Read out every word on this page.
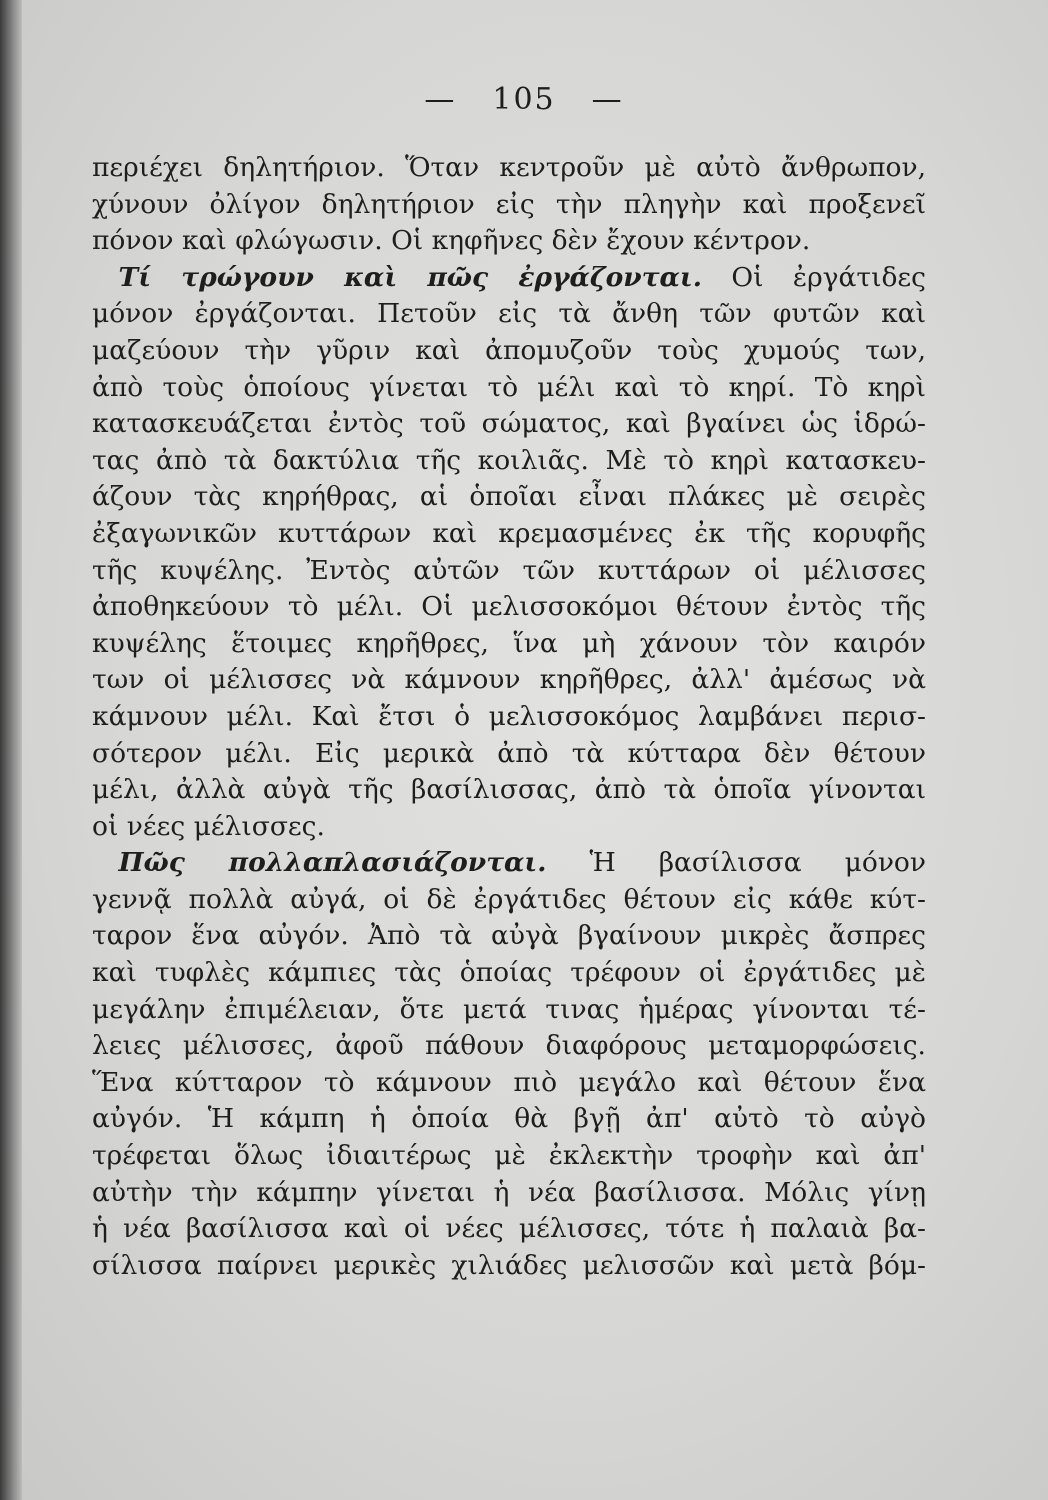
— 105 —
περιέχει δηλητήριον. Ὅταν κεντροῦν μὲ αὐτὸ ἄνθρωπον,
χύνουν ὀλίγον δηλητήριον εἰς τὴν πληγὴν καὶ προξενεῖ
πόνον καὶ φλώγωσιν. Οἱ κηφῆνες δὲν ἔχουν κέντρον.
 Τί τρώγουν καὶ πῶς ἐργάζονται. Οἱ ἐργάτιδες
μόνον ἐργάζονται. Πετοῦν εἰς τὰ ἄνθη τῶν φυτῶν καὶ
μαζεύουν τὴν γῦριν καὶ ἀπομυζοῦν τοὺς χυμούς των,
ἀπὸ τοὺς ὁποίους γίνεται τὸ μέλι καὶ τὸ κηρί. Τὸ κηρὶ
κατασκευάζεται ἐντὸς τοῦ σώματος, καὶ βγαίνει ὡς ἱδρώ-
τας ἀπὸ τὰ δακτύλια τῆς κοιλιᾶς. Μὲ τὸ κηρὶ κατασκευ-
άζουν τὰς κηρήθρας, αἱ ὁποῖαι εἶναι πλάκες μὲ σειρὲς
ἐξαγωνικῶν κυττάρων καὶ κρεμασμένες ἐκ τῆς κορυφῆς
τῆς κυψέλης. Ἐντὸς αὐτῶν τῶν κυττάρων οἱ μέλισσες
ἀποθηκεύουν τὸ μέλι. Οἱ μελισσοκόμοι θέτουν ἐντὸς τῆς
κυψέλης ἕτοιμες κηρῆθρες, ἵνα μὴ χάνουν τὸν καιρόν
των οἱ μέλισσες νὰ κάμνουν κηρῆθρες, ἀλλ' ἀμέσως νὰ
κάμνουν μέλι. Καὶ ἔτσι ὁ μελισσοκόμος λαμβάνει περισ-
σότερον μέλι. Εἰς μερικὰ ἀπὸ τὰ κύτταρα δὲν θέτουν
μέλι, ἀλλὰ αὐγὰ τῆς βασίλισσας, ἀπὸ τὰ ὁποῖα γίνονται
οἱ νέες μέλισσες.
 Πῶς πολλαπλασιάζονται. Ἡ βασίλισσα μόνον
γεννᾷ πολλὰ αὐγά, οἱ δὲ ἐργάτιδες θέτουν εἰς κάθε κύτ-
ταρον ἕνα αὐγόν. Ἀπὸ τὰ αὐγὰ βγαίνουν μικρὲς ἄσπρες
καὶ τυφλὲς κάμπιες τὰς ὁποίας τρέφουν οἱ ἐργάτιδες μὲ
μεγάλην ἐπιμέλειαν, ὅτε μετά τινας ἡμέρας γίνονται τέ-
λειες μέλισσες, ἀφοῦ πάθουν διαφόρους μεταμορφώσεις.
Ἕνα κύτταρον τὸ κάμνουν πιὸ μεγάλο καὶ θέτουν ἕνα
αὐγόν. Ἡ κάμπη ἡ ὁποία θὰ βγῇ ἀπ' αὐτὸ τὸ αὐγὸ
τρέφεται ὅλως ἰδιαιτέρως μὲ ἐκλεκτὴν τροφὴν καὶ ἀπ'
αὐτὴν τὴν κάμπην γίνεται ἡ νέα βασίλισσα. Μόλις γίνῃ
ἡ νέα βασίλισσα καὶ οἱ νέες μέλισσες, τότε ἡ παλαιὰ βα-
σίλισσα παίρνει μερικὲς χιλιάδες μελισσῶν καὶ μετὰ βόμ-
